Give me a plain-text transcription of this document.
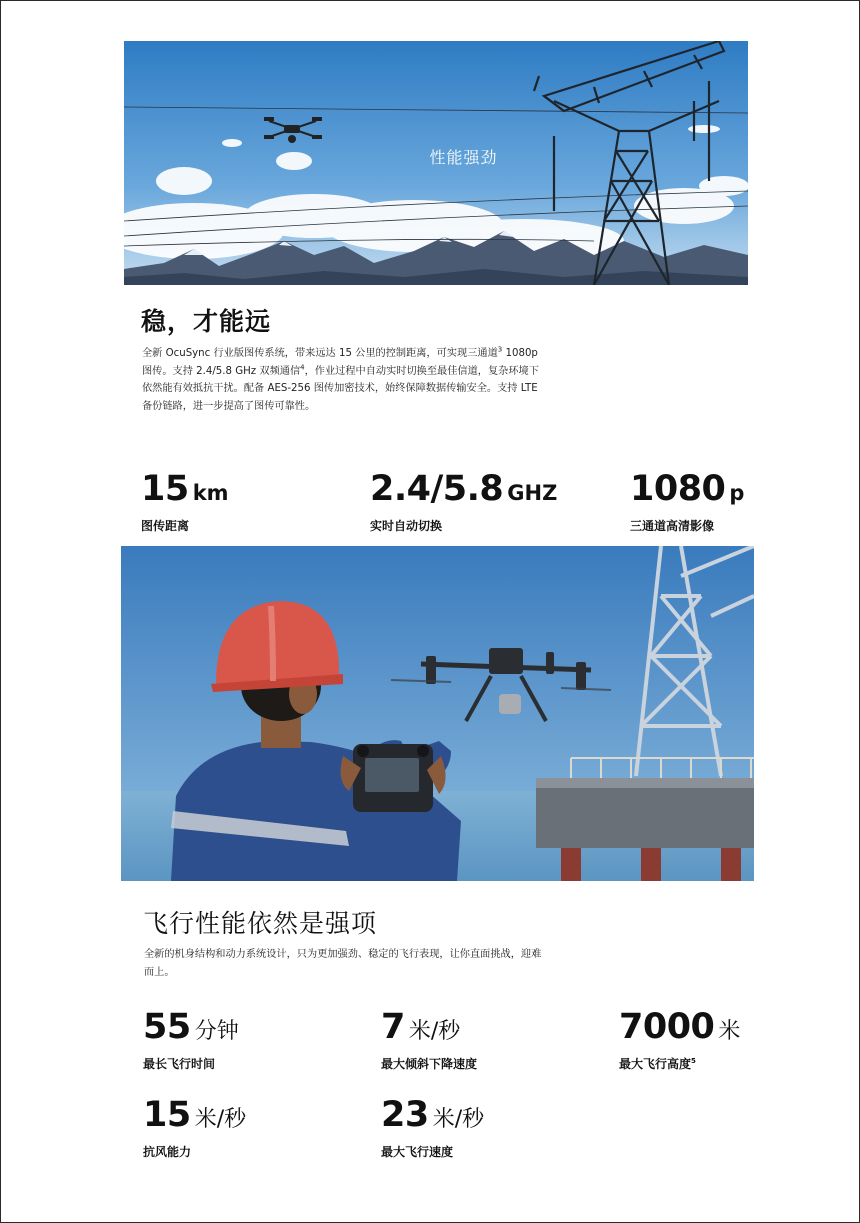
性能强劲
稳，才能远

全新 OcuSync 行业版图传系统，带来远达 15 公里的控制距离，可实现三通道$^3$ 1080p 图传。支持 2.4/5.8 GHz 双频通信$^4$，作业过程中自动实时切换至最佳信道，复杂环境下依然能有效抵抗干扰。配备 AES-256 图传加密技术，始终保障数据传输安全。支持 LTE 备份链路，进一步提高了图传可靠性。

15 km
图传距离
2.4/5.8 GHZ
实时自动切换
1080 p
三通道高清影像
飞行性能依然是强项

全新的机身结构和动力系统设计，只为更加强劲、稳定的飞行表现，让你直面挑战，迎难而上。

55 分钟
最长飞行时间
7 米/秒
最大倾斜下降速度
7000 米
最大飞行高度$^5$
15 米/秒
抗风能力
23 米/秒
最大飞行速度
